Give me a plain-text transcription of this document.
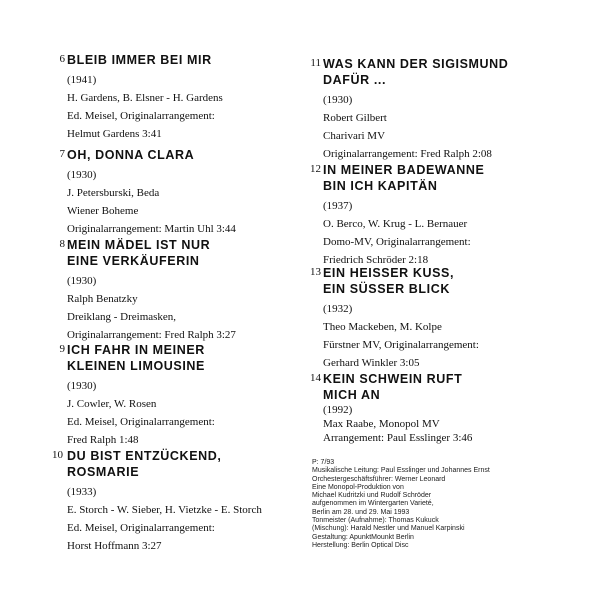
6 BLEIB IMMER BEI MIR
(1941)
H. Gardens, B. Elsner - H. Gardens
Ed. Meisel, Originalarrangement:
Helmut Gardens 3:41
7 OH, DONNA CLARA
(1930)
J. Petersburski, Beda
Wiener Boheme
Originalarrangement: Martin Uhl 3:44
8 MEIN MÄDEL IST NUR
EINE VERKÄUFERIN
(1930)
Ralph Benatzky
Dreiklang - Dreimasken,
Originalarrangement: Fred Ralph 3:27
9 ICH FAHR IN MEINER
KLEINEN LIMOUSINE
(1930)
J. Cowler, W. Rosen
Ed. Meisel, Originalarrangement:
Fred Ralph 1:48
10 DU BIST ENTZÜCKEND,
ROSMARIE
(1933)
E. Storch - W. Sieber, H. Vietzke - E. Storch
Ed. Meisel, Originalarrangement:
Horst Hoffmann 3:27
11 WAS KANN DER SIGISMUND
DAFÜR ...
(1930)
Robert Gilbert
Charivari MV
Originalarrangement: Fred Ralph 2:08
12 IN MEINER BADEWANNE
BIN ICH KAPITÄN
(1937)
O. Berco, W. Krug - L. Bernauer
Domo-MV, Originalarrangement:
Friedrich Schröder 2:18
13 EIN HEISSER KUSS,
EIN SÜSSER BLICK
(1932)
Theo Mackeben, M. Kolpe
Fürstner MV, Originalarrangement:
Gerhard Winkler 3:05
14 KEIN SCHWEIN RUFT
MICH AN
(1992)
Max Raabe, Monopol MV
Arrangement: Paul Esslinger 3:46
P: 7/93
Musikalische Leitung: Paul Esslinger und Johannes Ernst
Orchestergeschäftsführer: Werner Leonard
Eine Monopol-Produktion von
Michael Kudritzki und Rudolf Schröder
aufgenommen im Wintergarten Varieté,
Berlin am 28. und 29. Mai 1993
Tonmeister (Aufnahme): Thomas Kukuck
(Mischung): Harald Nestler und Manuel Karpinski
Gestaltung: ApunktMounkt Berlin
Herstellung: Berlin Optical Disc
